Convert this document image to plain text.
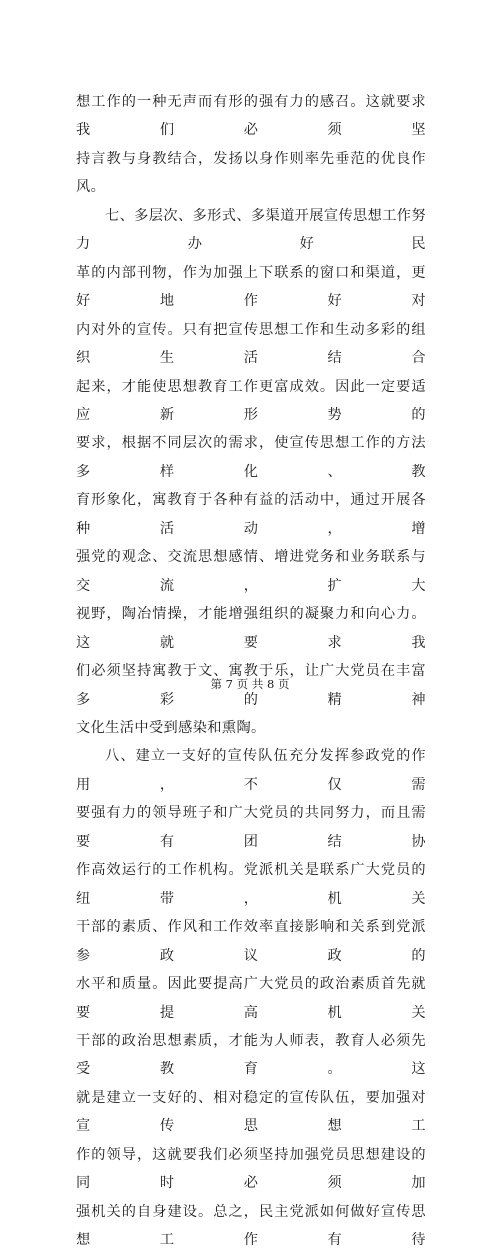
想工作的一种无声而有形的强有力的感召。这就要求我们必须坚

持言教与身教结合，发扬以身作则率先垂范的优良作风。

七、多层次、多形式、多渠道开展宣传思想工作努力办好民

革的内部刊物，作为加强上下联系的窗口和渠道，更好地作好对

内对外的宣传。只有把宣传思想工作和生动多彩的组织生活结合

起来，才能使思想教育工作更富成效。因此一定要适应新形势的

要求，根据不同层次的需求，使宣传思想工作的方法多样化、教

育形象化，寓教育于各种有益的活动中，通过开展各种活动，增

强党的观念、交流思想感情、增进党务和业务联系与交流，扩大

视野，陶冶情操，才能增强组织的凝聚力和向心力。这就要求我

们必须坚持寓教于文、寓教于乐，让广大党员在丰富多彩的精神

文化生活中受到感染和熏陶。

八、建立一支好的宣传队伍充分发挥参政党的作用，不仅需

要强有力的领导班子和广大党员的共同努力，而且需要有团结协

作高效运行的工作机构。党派机关是联系广大党员的纽带，机关

干部的素质、作风和工作效率直接影响和关系到党派参政议政的

水平和质量。因此要提高广大党员的政治素质首先就要提高机关

干部的政治思想素质，才能为人师表，教育人必须先受教育。这

就是建立一支好的、相对稳定的宣传队伍，要加强对宣传思想工

作的领导，这就要我们必须坚持加强党员思想建设的同时必须加

强机关的自身建设。总之，民主党派如何做好宣传思想工作有待

第 7 页 共 8 页
